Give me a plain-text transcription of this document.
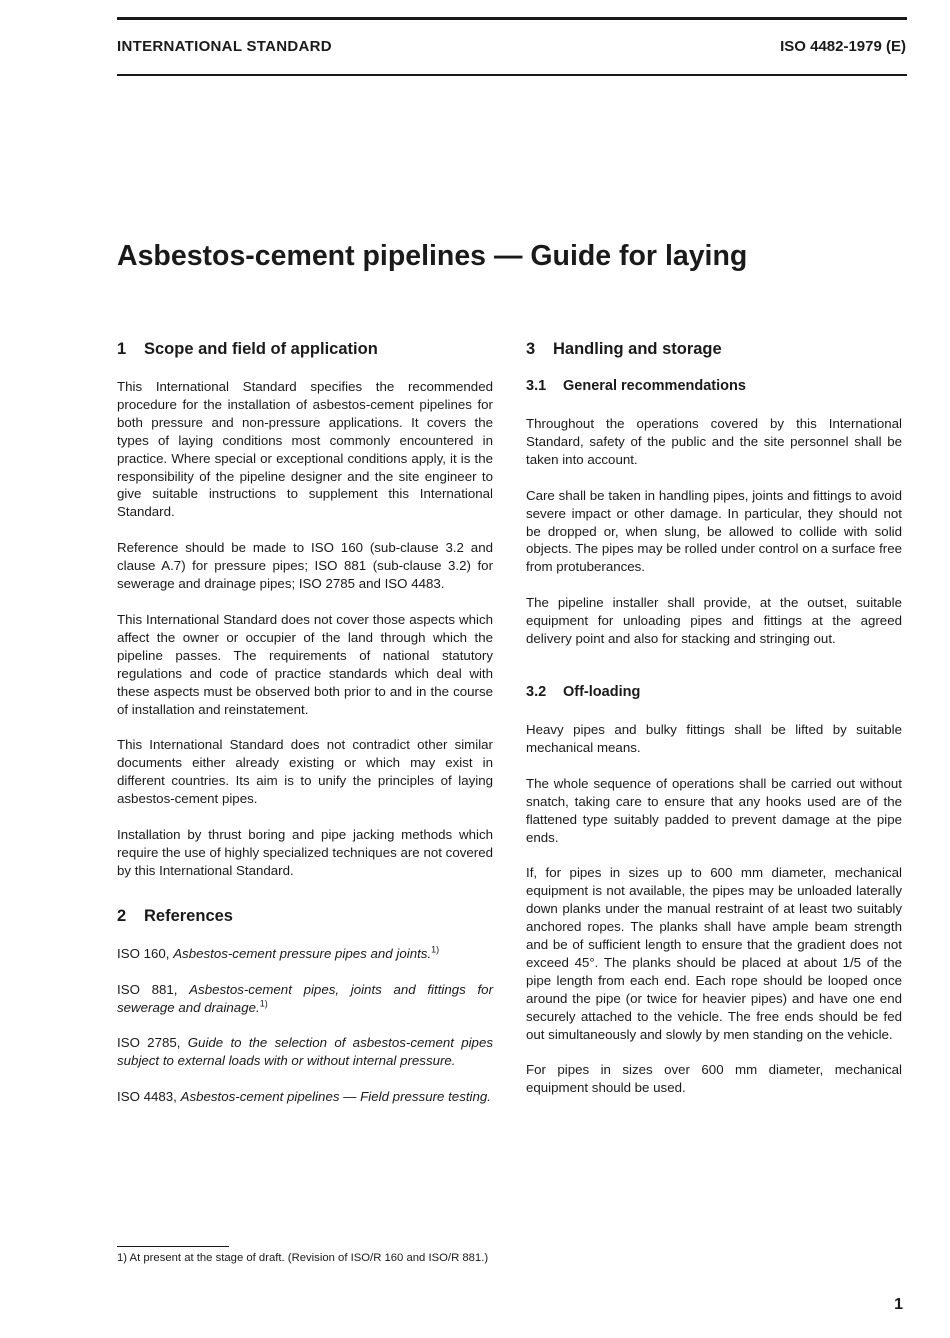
INTERNATIONAL STANDARD	ISO 4482-1979 (E)
Asbestos-cement pipelines — Guide for laying
1 Scope and field of application

This International Standard specifies the recommended procedure for the installation of asbestos-cement pipelines for both pressure and non-pressure applications. It covers the types of laying conditions most commonly encountered in practice. Where special or exceptional conditions apply, it is the responsibility of the pipeline designer and the site engineer to give suitable instructions to supplement this International Standard.

Reference should be made to ISO 160 (sub-clause 3.2 and clause A.7) for pressure pipes; ISO 881 (sub-clause 3.2) for sewerage and drainage pipes; ISO 2785 and ISO 4483.

This International Standard does not cover those aspects which affect the owner or occupier of the land through which the pipeline passes. The requirements of national statutory regulations and code of practice standards which deal with these aspects must be observed both prior to and in the course of installation and reinstatement.

This International Standard does not contradict other similar documents either already existing or which may exist in different countries. Its aim is to unify the principles of laying asbestos-cement pipes.

Installation by thrust boring and pipe jacking methods which require the use of highly specialized techniques are not covered by this International Standard.

2 References

ISO 160, Asbestos-cement pressure pipes and joints.$^{1)}$

ISO 881, Asbestos-cement pipes, joints and fittings for sewerage and drainage.$^{1)}$

ISO 2785, Guide to the selection of asbestos-cement pipes subject to external loads with or without internal pressure.

ISO 4483, Asbestos-cement pipelines — Field pressure testing.

3 Handling and storage
3.1 General recommendations

Throughout the operations covered by this International Standard, safety of the public and the site personnel shall be taken into account.

Care shall be taken in handling pipes, joints and fittings to avoid severe impact or other damage. In particular, they should not be dropped or, when slung, be allowed to collide with solid objects. The pipes may be rolled under control on a surface free from protuberances.

The pipeline installer shall provide, at the outset, suitable equipment for unloading pipes and fittings at the agreed delivery point and also for stacking and stringing out.

3.2 Off-loading

Heavy pipes and bulky fittings shall be lifted by suitable mechanical means.

The whole sequence of operations shall be carried out without snatch, taking care to ensure that any hooks used are of the flattened type suitably padded to prevent damage at the pipe ends.

If, for pipes in sizes up to 600 mm diameter, mechanical equipment is not available, the pipes may be unloaded laterally down planks under the manual restraint of at least two suitably anchored ropes. The planks shall have ample beam strength and be of sufficient length to ensure that the gradient does not exceed 45°. The planks should be placed at about 1/5 of the pipe length from each end. Each rope should be looped once around the pipe (or twice for heavier pipes) and have one end securely attached to the vehicle. The free ends should be fed out simultaneously and slowly by men standing on the vehicle.

For pipes in sizes over 600 mm diameter, mechanical equipment should be used.

1) At present at the stage of draft. (Revision of ISO/R 160 and ISO/R 881.)
1
